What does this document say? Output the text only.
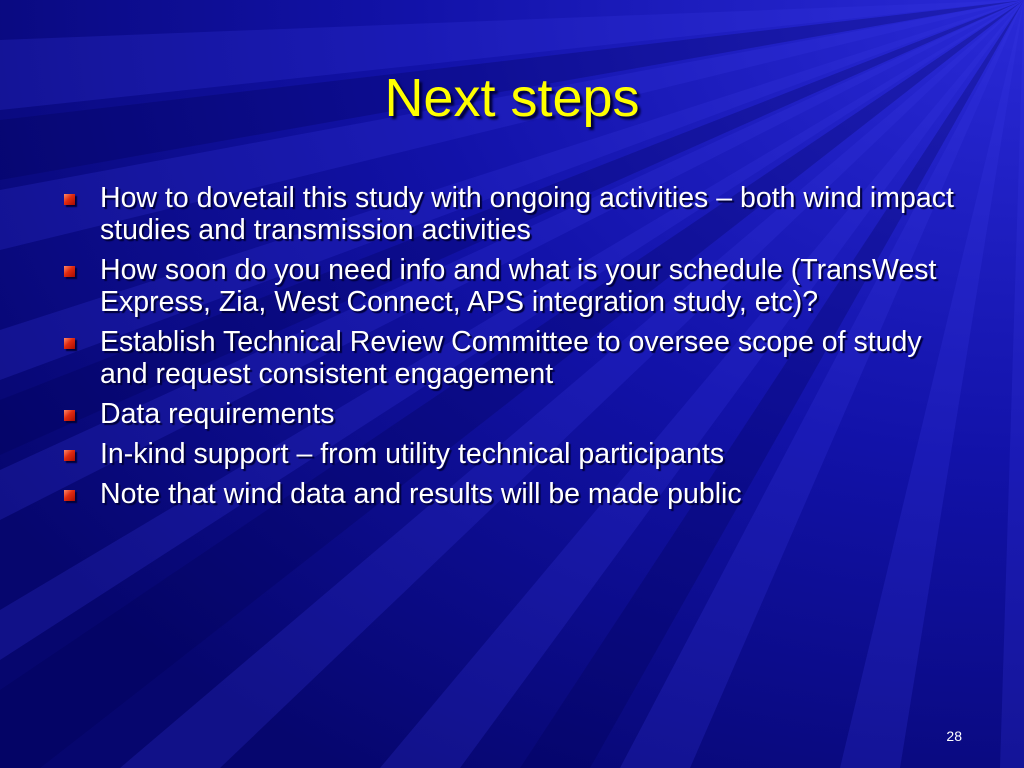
Next steps
How to dovetail this study with ongoing activities – both wind impact studies and transmission activities
How soon do you need info and what is your schedule (TransWest Express, Zia, West Connect, APS integration study, etc)?
Establish Technical Review Committee to oversee scope of study and request consistent engagement
Data requirements
In-kind support – from utility technical participants
Note that wind data and results will be made public
28
